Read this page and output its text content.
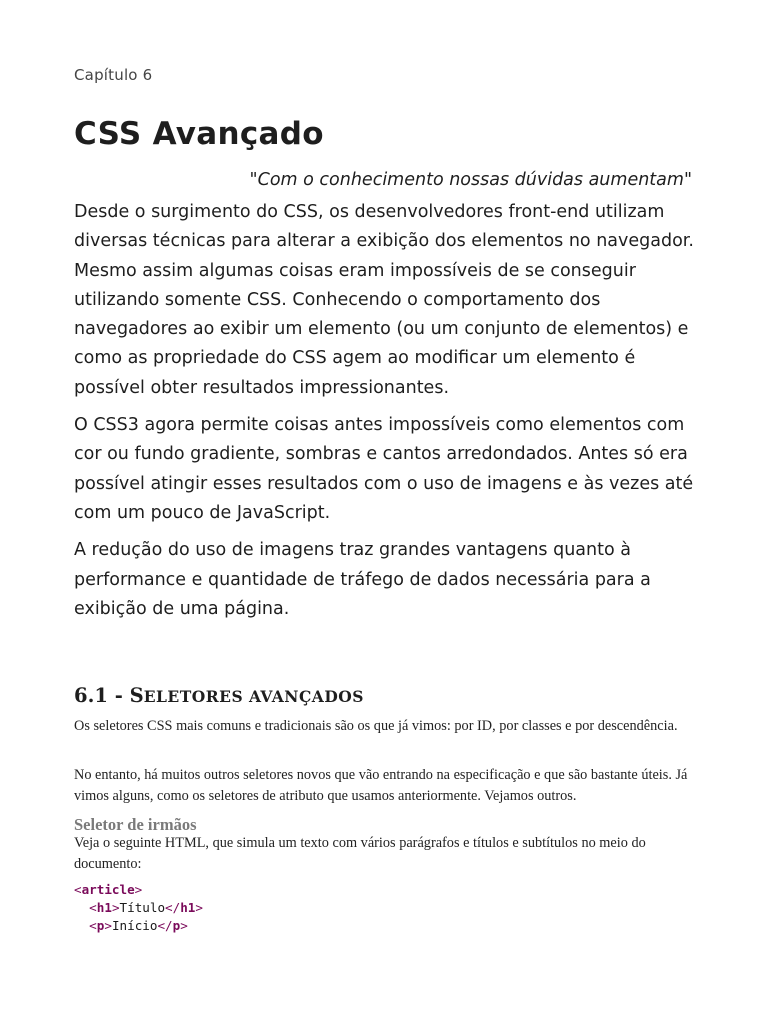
Capítulo 6
CSS Avançado
"Com o conhecimento nossas dúvidas aumentam"

Desde o surgimento do CSS, os desenvolvedores front-end utilizam diversas técnicas para alterar a exibição dos elementos no navegador. Mesmo assim algumas coisas eram impossíveis de se conseguir utilizando somente CSS. Conhecendo o comportamento dos navegadores ao exibir um elemento (ou um conjunto de elementos) e como as propriedade do CSS agem ao modificar um elemento é possível obter resultados impressionantes.

O CSS3 agora permite coisas antes impossíveis como elementos com cor ou fundo gradiente, sombras e cantos arredondados. Antes só era possível atingir esses resultados com o uso de imagens e às vezes até com um pouco de JavaScript.

A redução do uso de imagens traz grandes vantagens quanto à performance e quantidade de tráfego de dados necessária para a exibição de uma página.

6.1 - SELETORES AVANÇADOS

Os seletores CSS mais comuns e tradicionais são os que já vimos: por ID, por classes e por descendência.

No entanto, há muitos outros seletores novos que vão entrando na especificação e que são bastante úteis. Já vimos alguns, como os seletores de atributo que usamos anteriormente. Vejamos outros.

Seletor de irmãos

Veja o seguinte HTML, que simula um texto com vários parágrafos e títulos e subtítulos no meio do documento:

<article>
<h1>Título</h1>
<p>Início</p>
